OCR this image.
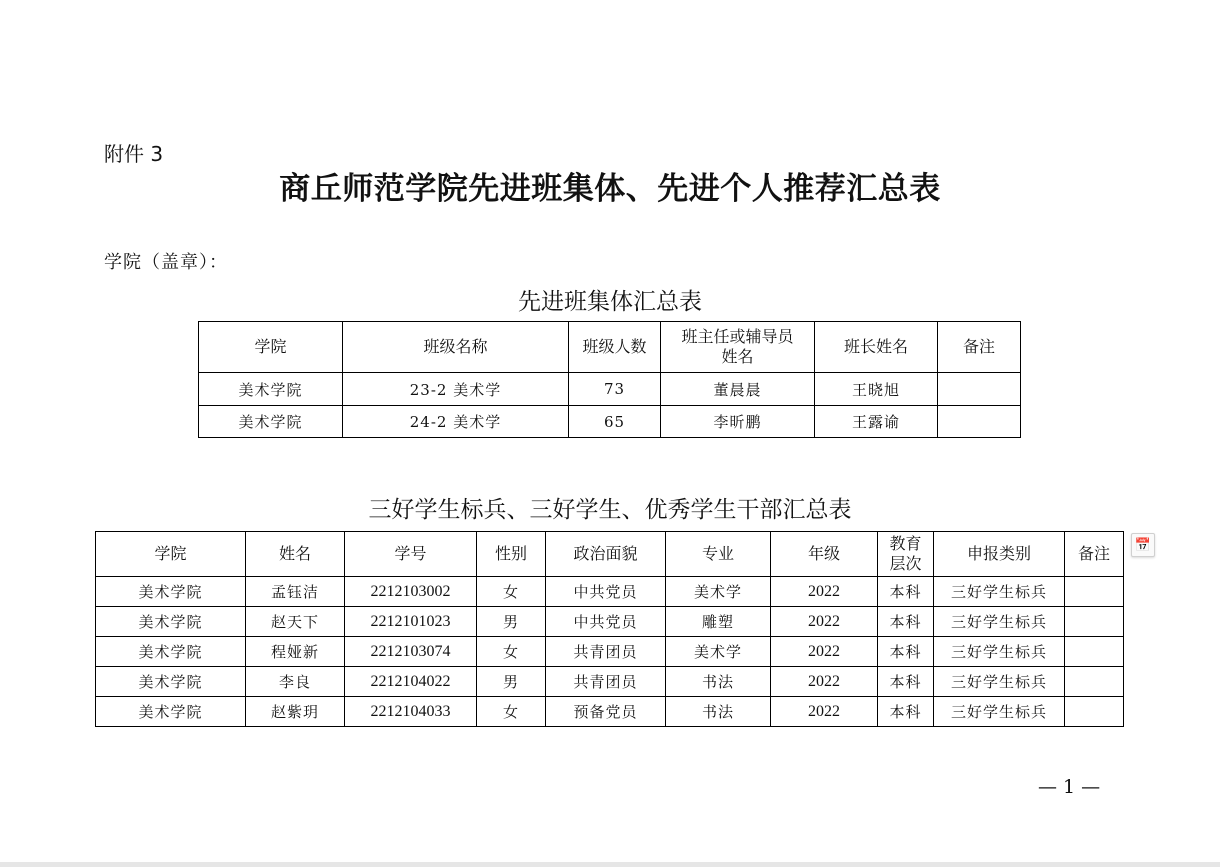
附件 3
商丘师范学院先进班集体、先进个人推荐汇总表
学院（盖章）：
先进班集体汇总表
学院	班级名称	班级人数	班主任或辅导员姓名	班长姓名	备注
美术学院	23-2 美术学	73	董晨晨	王晓旭	
美术学院	24-2 美术学	65	李昕鹏	王露谕	
三好学生标兵、三好学生、优秀学生干部汇总表
学院	姓名	学号	性别	政治面貌	专业	年级	教育层次	申报类别	备注
美术学院	孟钰洁	2212103002	女	中共党员	美术学	2022	本科	三好学生标兵	
美术学院	赵天下	2212101023	男	中共党员	雕塑	2022	本科	三好学生标兵	
美术学院	程娅新	2212103074	女	共青团员	美术学	2022	本科	三好学生标兵	
美术学院	李良	2212104022	男	共青团员	书法	2022	本科	三好学生标兵	
美术学院	赵紫玥	2212104033	女	预备党员	书法	2022	本科	三好学生标兵	
📅
— 1 —
